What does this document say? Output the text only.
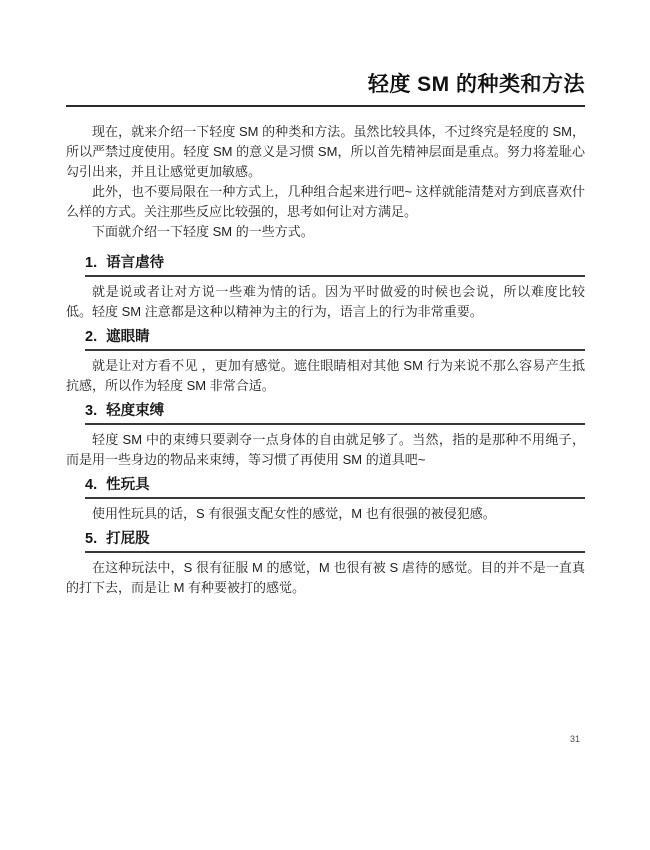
轻度 SM 的种类和方法

现在，就来介绍一下轻度 SM 的种类和方法。虽然比较具体，不过终究是轻度的 SM，所以严禁过度使用。轻度 SM 的意义是习惯 SM，所以首先精神层面是重点。努力将羞耻心勾引出来，并且让感觉更加敏感。

此外，也不要局限在一种方式上，几种组合起来进行吧~ 这样就能清楚对方到底喜欢什么样的方式。关注那些反应比较强的，思考如何让对方满足。

下面就介绍一下轻度 SM 的一些方式。

1. 语言虐待

就是说或者让对方说一些难为情的话。因为平时做爱的时候也会说，所以难度比较低。轻度 SM 注意都是这种以精神为主的行为，语言上的行为非常重要。

2. 遮眼睛

就是让对方看不见 ，更加有感觉。遮住眼睛相对其他 SM 行为来说不那么容易产生抵抗感，所以作为轻度 SM 非常合适。

3. 轻度束缚

轻度 SM 中的束缚只要剥夺一点身体的自由就足够了。当然，指的是那种不用绳子，而是用一些身边的物品来束缚，等习惯了再使用 SM 的道具吧~

4. 性玩具

使用性玩具的话，S 有很强支配女性的感觉，M 也有很强的被侵犯感。

5. 打屁股

在这种玩法中，S 很有征服 M 的感觉，M 也很有被 S 虐待的感觉。目的并不是一直真的打下去，而是让 M 有种要被打的感觉。

31
